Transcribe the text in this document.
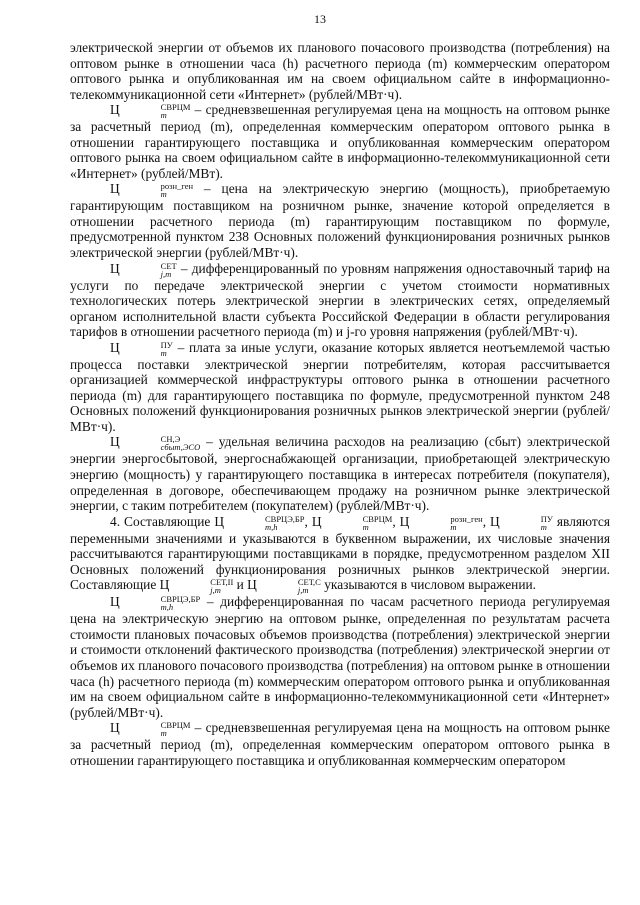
13

электрической энергии от объемов их планового почасового производства (потребления) на оптовом рынке в отношении часа (h) расчетного периода (m) коммерческим оператором оптового рынка и опубликованная им на своем официальном сайте в информационно-телекоммуникационной сети «Интернет» (рублей/МВт·ч).

Ц	СВРЦМ
m	– средневзвешенная регулируемая цена на мощность на оптовом рынке за расчетный период (m), определенная коммерческим оператором оптового рынка в отношении гарантирующего поставщика и опубликованная коммерческим оператором оптового рынка на своем официальном сайте в информационно-телекоммуникационной сети «Интернет» (рублей/МВт).

Ц	розн_ген
m	– цена на электрическую энергию (мощность), приобретаемую гарантирующим поставщиком на розничном рынке, значение которой определяется в отношении расчетного периода (m) гарантирующим поставщиком по формуле, предусмотренной пунктом 238 Основных положений функционирования розничных рынков электрической энергии (рублей/МВт·ч).

Ц	СЕТ
j,m – дифференцированный по уровням напряжения одноставочный тариф на услуги по передаче электрической энергии с учетом стоимости нормативных технологических потерь электрической энергии в электрических сетях, определяемый органом исполнительной власти субъекта Российской Федерации в области регулирования тарифов в отношении расчетного периода (m) и j-го уровня напряжения (рублей/МВт·ч).

Ц	ПУ
m – плата за иные услуги, оказание которых является неотъемлемой частью процесса поставки электрической энергии потребителям, которая рассчитывается организацией коммерческой инфраструктуры оптового рынка в отношении расчетного периода (m) для гарантирующего поставщика по формуле, предусмотренной пунктом 248 Основных положений функционирования розничных рынков электрической энергии (рублей/МВт·ч).

Ц	СН,Э
сбыт,ЭСО – удельная величина расходов на реализацию (сбыт) электрической энергии энергосбытовой, энергоснабжающей организации, приобретающей электрическую энергию (мощность) у гарантирующего поставщика в интересах потребителя (покупателя), определенная в договоре, обеспечивающем продажу на розничном рынке электрической энергии, с таким потребителем (покупателем) (рублей/МВт·ч).

4. Составляющие Ц	СВРЦЭ,БР
m,h	, Ц	СВРЦМ
m	, Ц	розн_ген
m	, Ц	ПУ
m являются переменными значениями и указываются в буквенном выражении, их числовые значения рассчитываются гарантирующими поставщиками в порядке, предусмотренном разделом XII Основных положений функционирования розничных рынков электрической энергии. Составляющие Ц	СЕТ,II
j,m и Ц	СЕТ,С
j,m указываются в числовом выражении.

Ц	СВРЦЭ,БР
m,h	– дифференцированная по часам расчетного периода регулируемая цена на электрическую энергию на оптовом рынке, определенная по результатам расчета стоимости плановых почасовых объемов производства (потребления) электрической энергии и стоимости отклонений фактического производства (потребления) электрической энергии от объемов их планового почасового производства (потребления) на оптовом рынке в отношении часа (h) расчетного периода (m) коммерческим оператором оптового рынка и опубликованная им на своем официальном сайте в информационно-телекоммуникационной сети «Интернет» (рублей/МВт·ч).

Ц	СВРЦМ
m	– средневзвешенная регулируемая цена на мощность на оптовом рынке за расчетный период (m), определенная коммерческим оператором оптового рынка в отношении гарантирующего поставщика и опубликованная коммерческим оператором
